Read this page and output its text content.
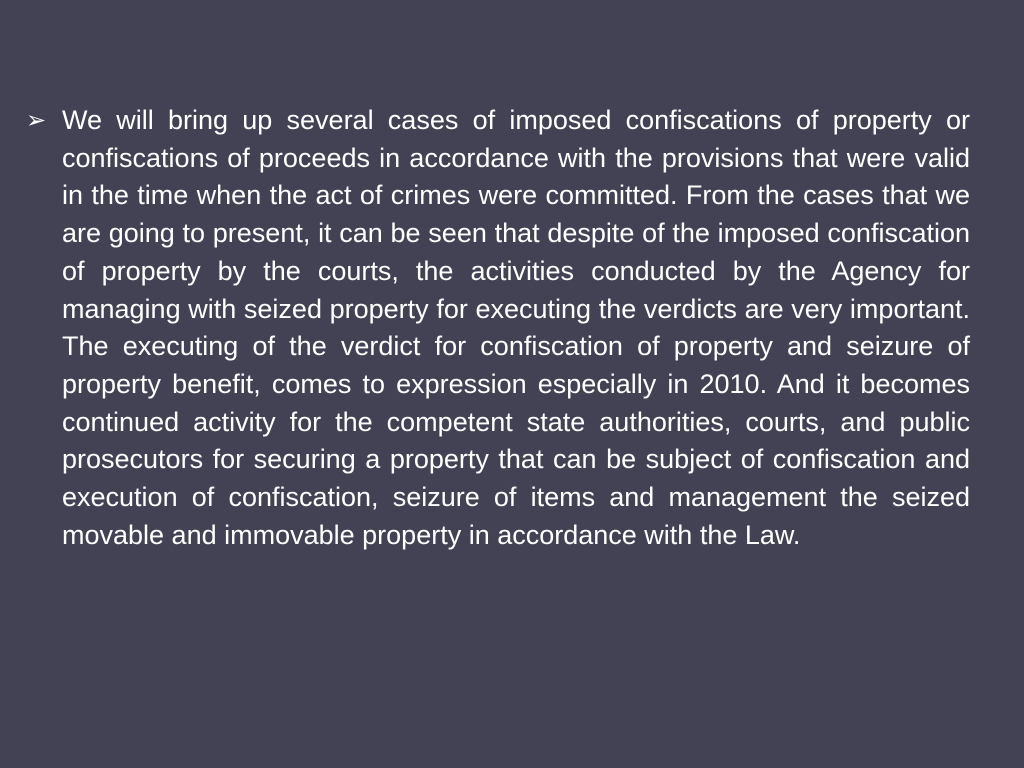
➢ We will bring up several cases of imposed confiscations of property or confiscations of proceeds in accordance with the provisions that were valid in the time when the act of crimes were committed. From the cases that we are going to present, it can be seen that despite of the imposed confiscation of property by the courts, the activities conducted by the Agency for managing with seized property for executing the verdicts are very important. The executing of the verdict for confiscation of property and seizure of property benefit, comes to expression especially in 2010. And it becomes continued activity for the competent state authorities, courts, and public prosecutors for securing a property that can be subject of confiscation and execution of confiscation, seizure of items and management the seized movable and immovable property in accordance with the Law.
